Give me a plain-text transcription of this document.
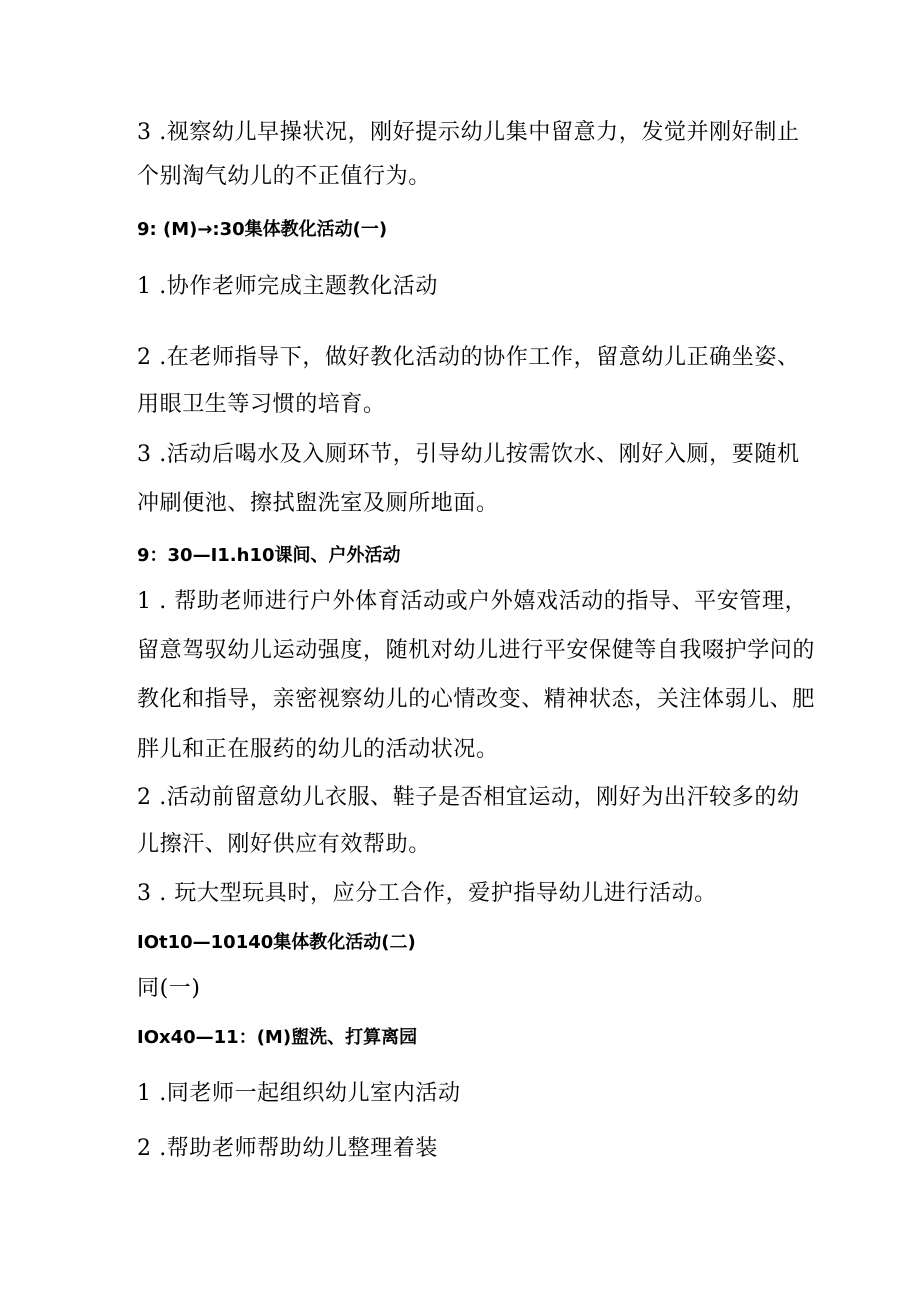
3 .视察幼儿早操状况，刚好提示幼儿集中留意力，发觉并刚好制止
个别淘气幼儿的不正值行为。
9: (M)→:30集体教化活动(一)
1 .协作老师完成主题教化活动
2 .在老师指导下，做好教化活动的协作工作，留意幼儿正确坐姿、
用眼卫生等习惯的培育。
3 .活动后喝水及入厕环节，引导幼儿按需饮水、刚好入厕，要随机
冲刷便池、擦拭盥洗室及厕所地面。
9：30—I1.h10课间、户外活动
1 . 帮助老师进行户外体育活动或户外嬉戏活动的指导、平安管理，
留意驾驭幼儿运动强度，随机对幼儿进行平安保健等自我啜护学问的
教化和指导，亲密视察幼儿的心情改变、精神状态，关注体弱儿、肥
胖儿和正在服药的幼儿的活动状况。
2 .活动前留意幼儿衣服、鞋子是否相宜运动，刚好为出汗较多的幼
儿擦汗、刚好供应有效帮助。
3 . 玩大型玩具时，应分工合作，爱护指导幼儿进行活动。
IOt10—10140集体教化活动(二)
同(一)
IOx40—11：(M)盥洗、打算离园
1 .同老师一起组织幼儿室内活动
2 .帮助老师帮助幼儿整理着装
